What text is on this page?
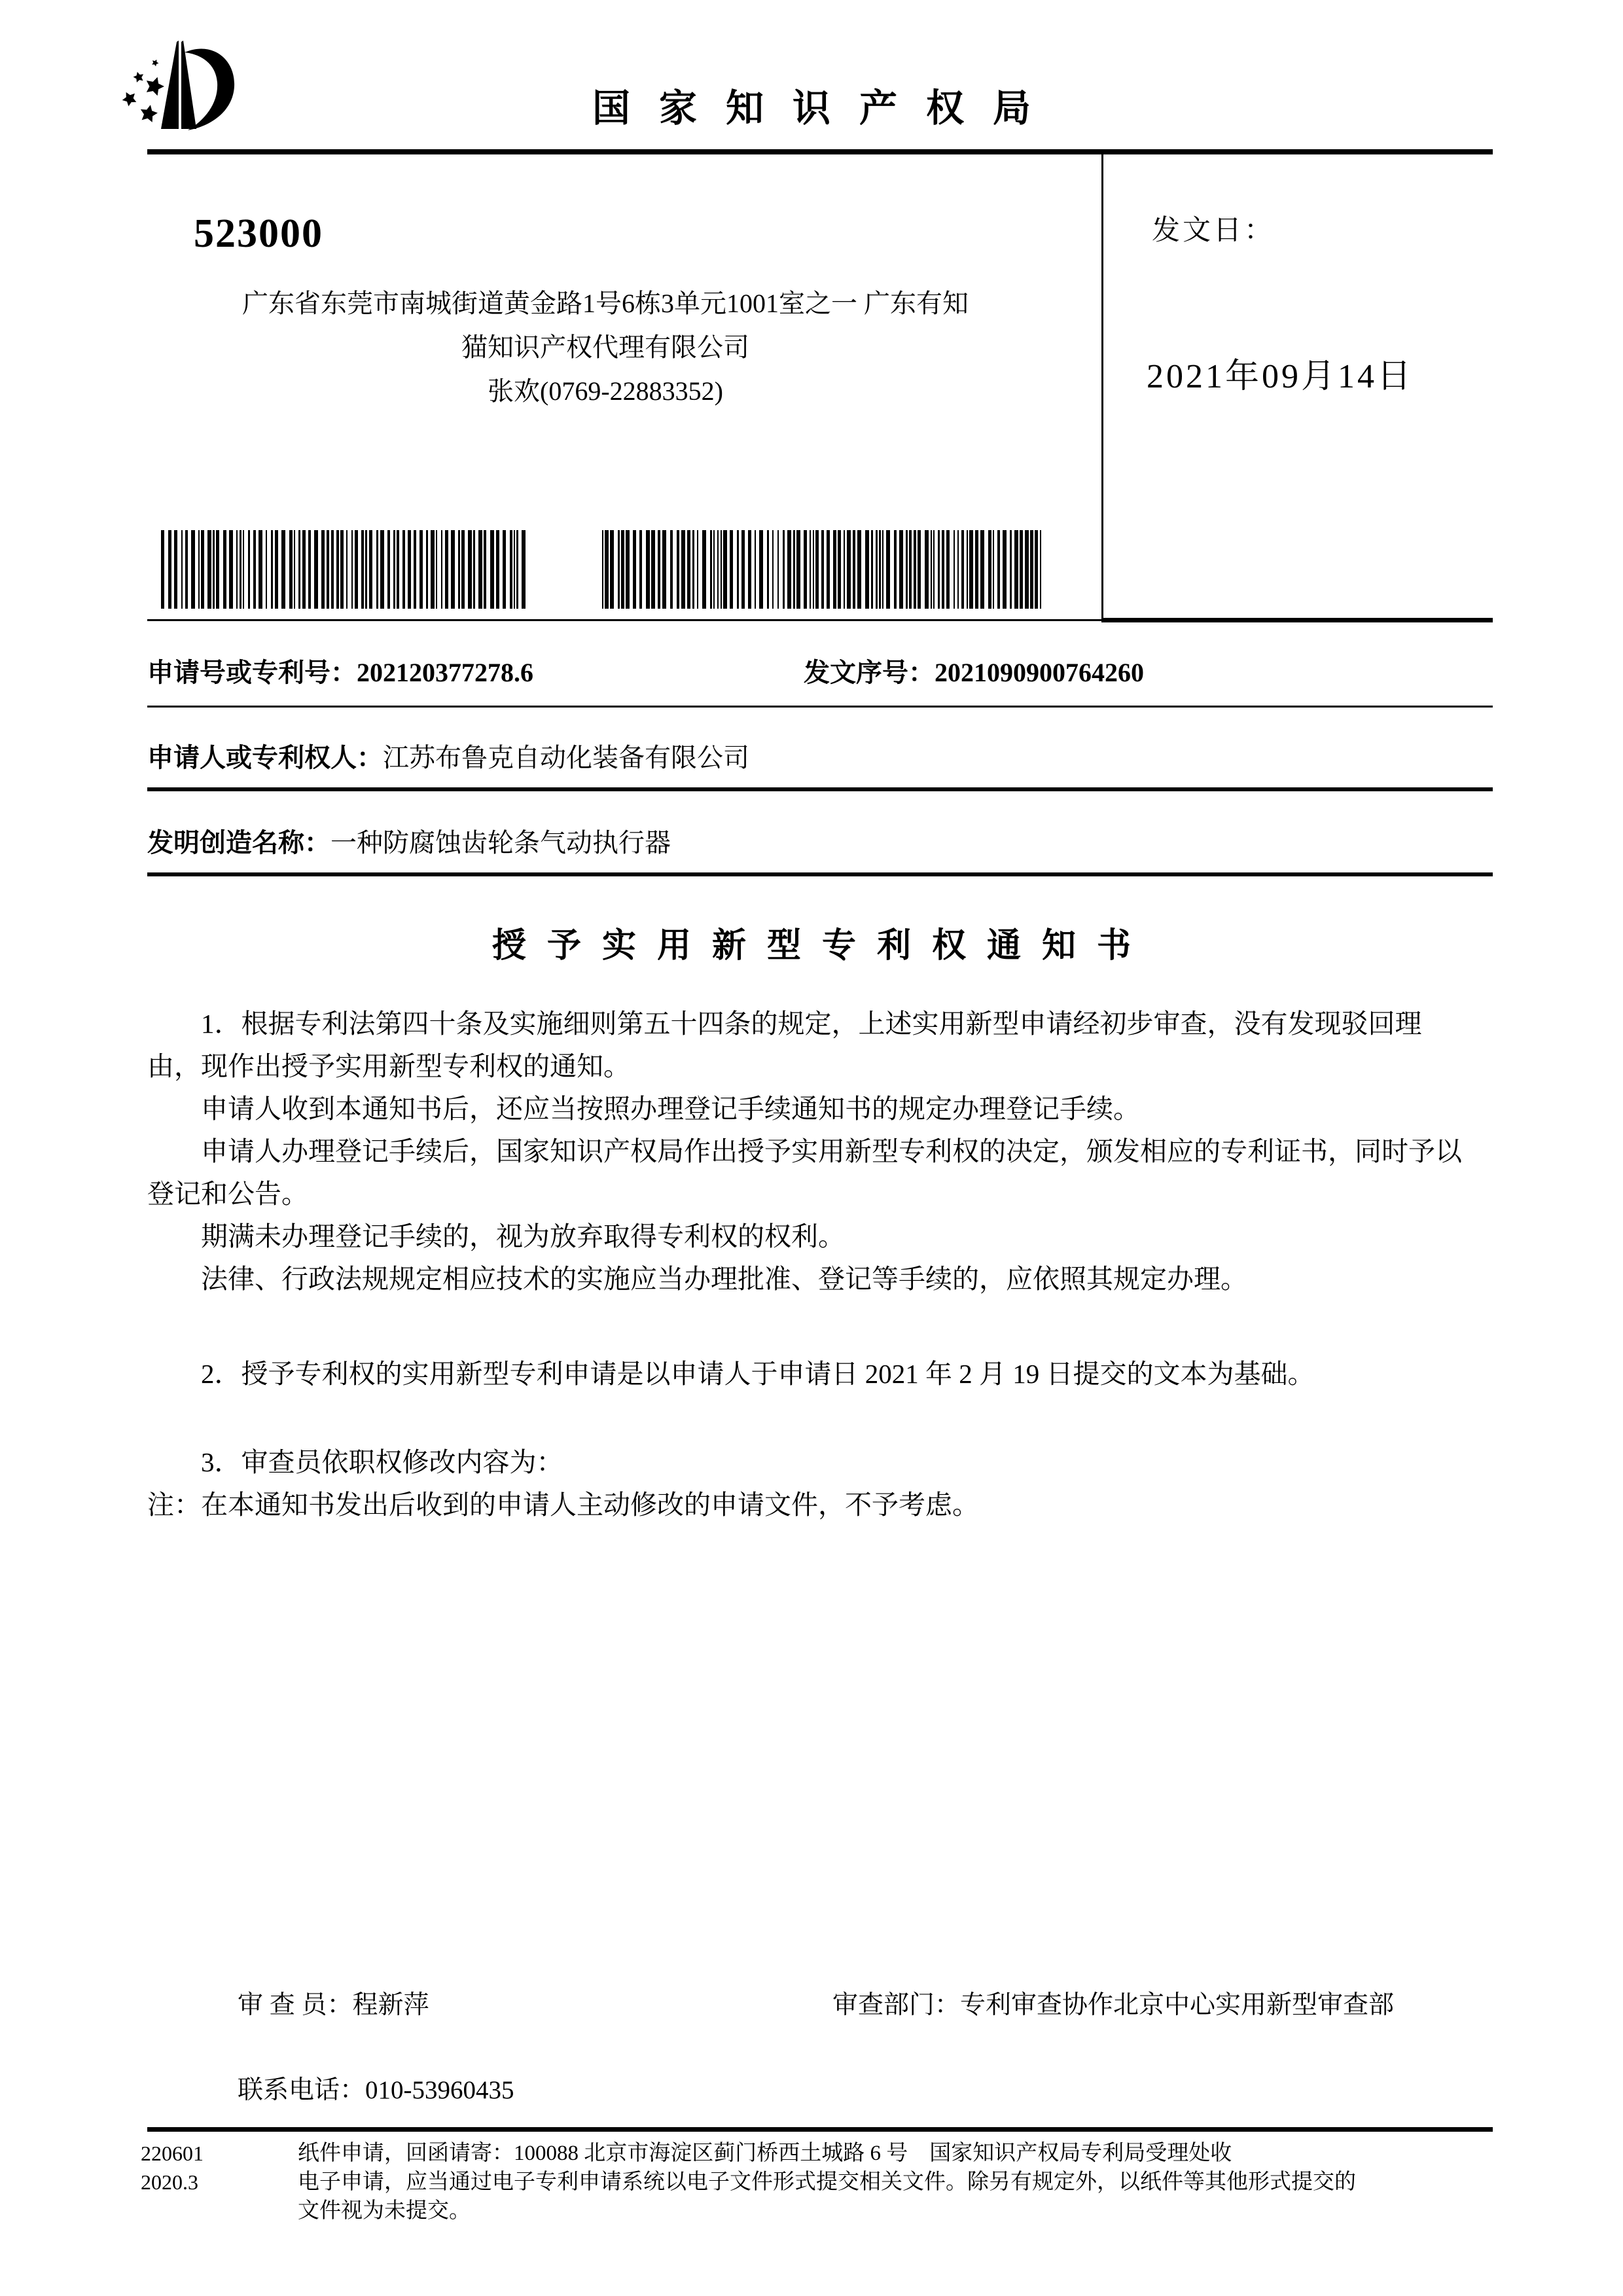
国家知识产权局
523000
广东省东莞市南城街道黄金路1号6栋3单元1001室之一 广东有知
猫知识产权代理有限公司
张欢(0769-22883352)
发文日：
2021年09月14日
申请号或专利号：202120377278.6	发文序号：2021090900764260
申请人或专利权人：江苏布鲁克自动化装备有限公司
发明创造名称：一种防腐蚀齿轮条气动执行器
授予实用新型专利权通知书

1．根据专利法第四十条及实施细则第五十四条的规定，上述实用新型申请经初步审查，没有发现驳回理由，现作出授予实用新型专利权的通知。

申请人收到本通知书后，还应当按照办理登记手续通知书的规定办理登记手续。

申请人办理登记手续后，国家知识产权局作出授予实用新型专利权的决定，颁发相应的专利证书，同时予以登记和公告。

期满未办理登记手续的，视为放弃取得专利权的权利。

法律、行政法规规定相应技术的实施应当办理批准、登记等手续的，应依照其规定办理。

2．授予专利权的实用新型专利申请是以申请人于申请日 2021 年 2 月 19 日提交的文本为基础。

3．审查员依职权修改内容为：

注：在本通知书发出后收到的申请人主动修改的申请文件，不予考虑。

审 查 员：程新萍	审查部门：专利审查协作北京中心实用新型审查部
联系电话：010-53960435
220601
2020.3
纸件申请，回函请寄：100088 北京市海淀区蓟门桥西土城路 6 号　国家知识产权局专利局受理处收
电子申请，应当通过电子专利申请系统以电子文件形式提交相关文件。除另有规定外，以纸件等其他形式提交的
文件视为未提交。
